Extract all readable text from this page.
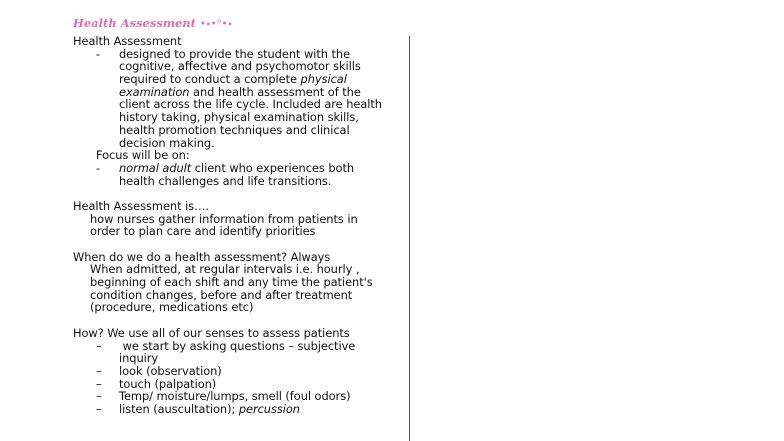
Health Assessment •∙•°•∙
Health Assessment
- designed to provide the student with the
cognitive, affective and psychomotor skills
required to conduct a complete physical
examination and health assessment of the
client across the life cycle. Included are health
history taking, physical examination skills,
health promotion techniques and clinical
decision making.
Focus will be on:
- normal adult client who experiences both
health challenges and life transitions.
Health Assessment is….
how nurses gather information from patients in
order to plan care and identify priorities
When do we do a health assessment? Always
When admitted, at regular intervals i.e. hourly ,
beginning of each shift and any time the patient's
condition changes, before and after treatment
(procedure, medications etc)
How? We use all of our senses to assess patients
– we start by asking questions – subjective
inquiry
– look (observation)
– touch (palpation)
– Temp/ moisture/lumps, smell (foul odors)
– listen (auscultation); percussion
